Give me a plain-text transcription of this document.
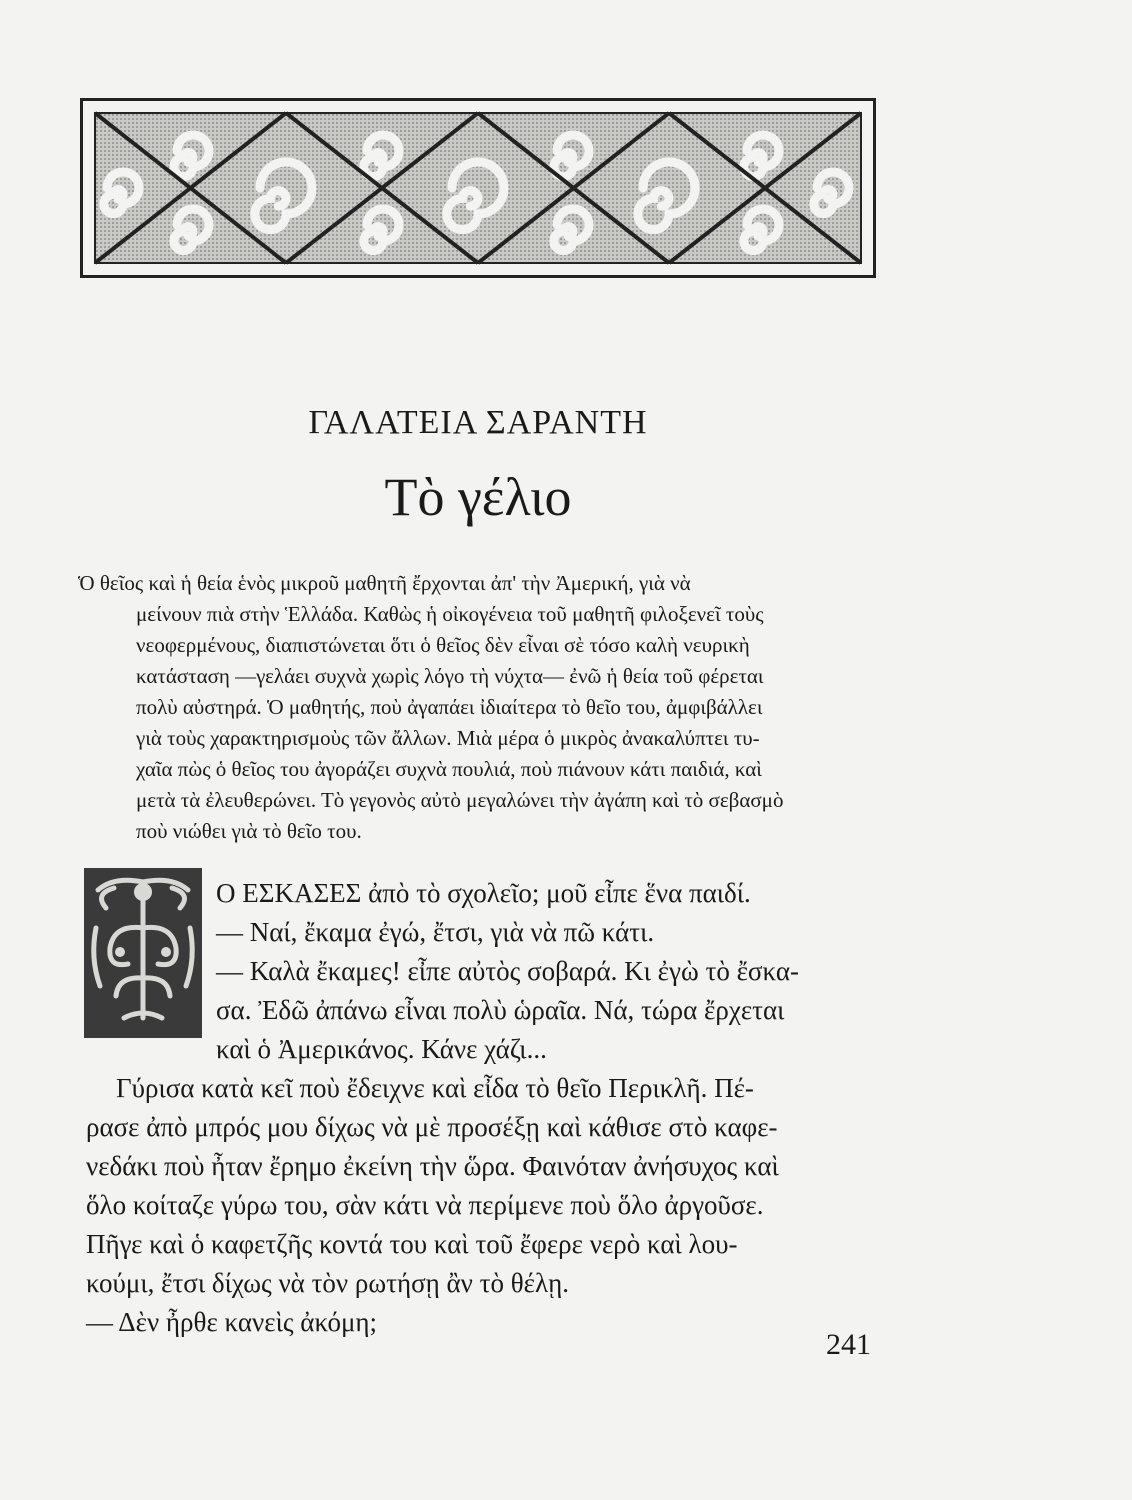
ΓΑΛΑΤΕΙΑ ΣΑΡΑΝΤΗ
Τὸ γέλιο
Ὁ θεῖος καὶ ἡ θεία ἑνὸς μικροῦ μαθητῆ ἔρχονται ἀπ' τὴν Ἀμερική, γιὰ νὰ
μείνουν πιὰ στὴν Ἑλλάδα. Καθὼς ἡ οἰκογένεια τοῦ μαθητῆ φιλοξενεῖ τοὺς
νεοφερμένους, διαπιστώνεται ὅτι ὁ θεῖος δὲν εἶναι σὲ τόσο καλὴ νευρικὴ
κατάσταση —γελάει συχνὰ χωρὶς λόγο τὴ νύχτα— ἐνῶ ἡ θεία τοῦ φέρεται
πολὺ αὐστηρά. Ὁ μαθητής, ποὺ ἀγαπάει ἰδιαίτερα τὸ θεῖο του, ἀμφιβάλλει
γιὰ τοὺς χαρακτηρισμοὺς τῶν ἄλλων. Μιὰ μέρα ὁ μικρὸς ἀνακαλύπτει τυ-
χαῖα πὼς ὁ θεῖος του ἀγοράζει συχνὰ πουλιά, ποὺ πιάνουν κάτι παιδιά, καὶ
μετὰ τὰ ἐλευθερώνει. Τὸ γεγονὸς αὐτὸ μεγαλώνει τὴν ἀγάπη καὶ τὸ σεβασμὸ
ποὺ νιώθει γιὰ τὸ θεῖο του.
Ο ΕΣΚΑΣΕΣ ἀπὸ τὸ σχολεῖο; μοῦ εἶπε ἕνα παιδί.
— Ναί, ἔκαμα ἐγώ, ἔτσι, γιὰ νὰ πῶ κάτι.
— Καλὰ ἔκαμες! εἶπε αὐτὸς σοβαρά. Κι ἐγὼ τὸ ἔσκα-
σα. Ἐδῶ ἀπάνω εἶναι πολὺ ὡραῖα. Νά, τώρα ἔρχεται
καὶ ὁ Ἀμερικάνος. Κάνε χάζι...
Γύρισα κατὰ κεῖ ποὺ ἔδειχνε καὶ εἶδα τὸ θεῖο Περικλῆ. Πέ-
ρασε ἀπὸ μπρός μου δίχως νὰ μὲ προσέξῃ καὶ κάθισε στὸ καφε-
νεδάκι ποὺ ἦταν ἔρημο ἐκείνη τὴν ὥρα. Φαινόταν ἀνήσυχος καὶ
ὅλο κοίταζε γύρω του, σὰν κάτι νὰ περίμενε ποὺ ὅλο ἀργοῦσε.
Πῆγε καὶ ὁ καφετζῆς κοντά του καὶ τοῦ ἔφερε νερὸ καὶ λου-
κούμι, ἔτσι δίχως νὰ τὸν ρωτήσῃ ἂν τὸ θέλῃ.
— Δὲν ἦρθε κανεὶς ἀκόμη;
241
